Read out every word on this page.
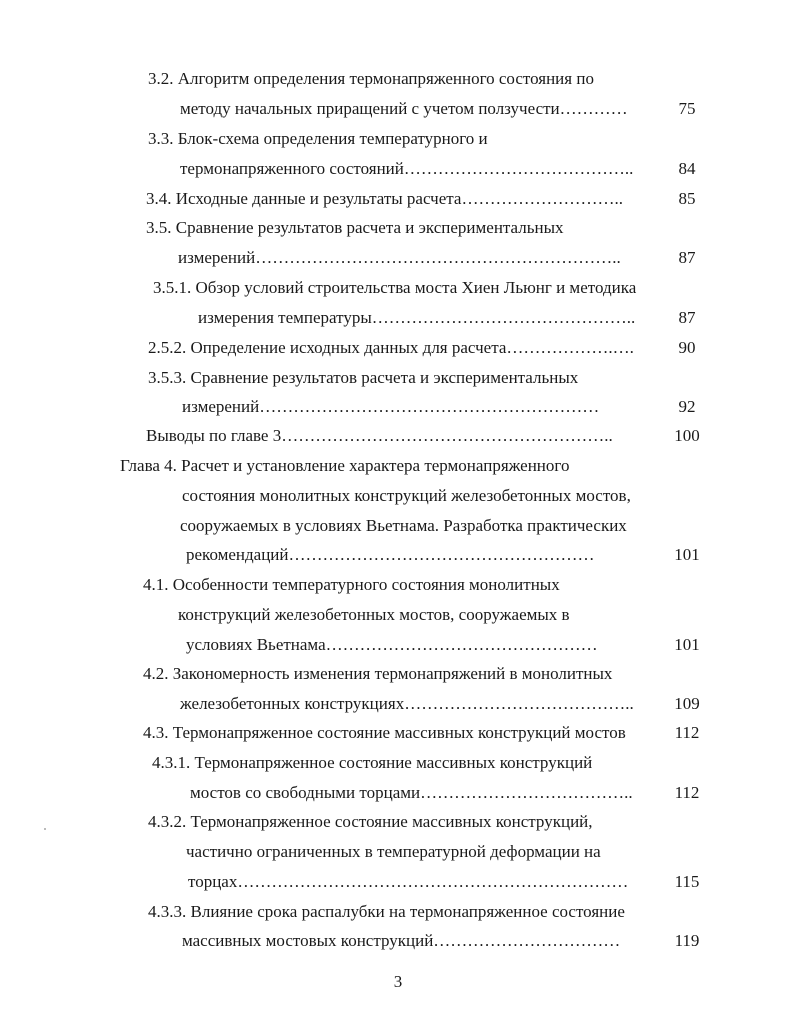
3.2. Алгоритм определения термонапряженного состояния по
методу начальных приращений с учетом ползучести…………	75
3.3. Блок-схема определения температурного и
термонапряженного состояний…………………………………..	84
3.4. Исходные данные и результаты расчета………………………..	85
3.5. Сравнение результатов расчета и экспериментальных
измерений………………………………………………………..	87
3.5.1. Обзор условий строительства моста Хиен Льюнг и методика
измерения температуры………………………………………..	87
2.5.2. Определение исходных данных для расчета……………….….	90
3.5.3. Сравнение результатов расчета и экспериментальных
измерений……………………………………………………	92
Выводы по главе 3…………………………………………………..	100
Глава 4. Расчет и установление характера термонапряженного
состояния монолитных конструкций железобетонных мостов,
сооружаемых в условиях Вьетнама. Разработка практических
рекомендаций………………………………………………	101
4.1. Особенности температурного состояния монолитных
конструкций железобетонных мостов, сооружаемых в
условиях Вьетнама…………………………………………	101
4.2. Закономерность изменения термонапряжений в монолитных
железобетонных конструкциях…………………………………..	109
4.3. Термонапряженное состояние массивных конструкций мостов	112
4.3.1. Термонапряженное состояние массивных конструкций
мостов со свободными торцами………………………………..	112
4.3.2. Термонапряженное состояние массивных конструкций,
частично ограниченных в температурной деформации на
торцах……………………………………………………………	115
4.3.3. Влияние срока распалубки на термонапряженное состояние
массивных мостовых конструкций……………………………	119
3
